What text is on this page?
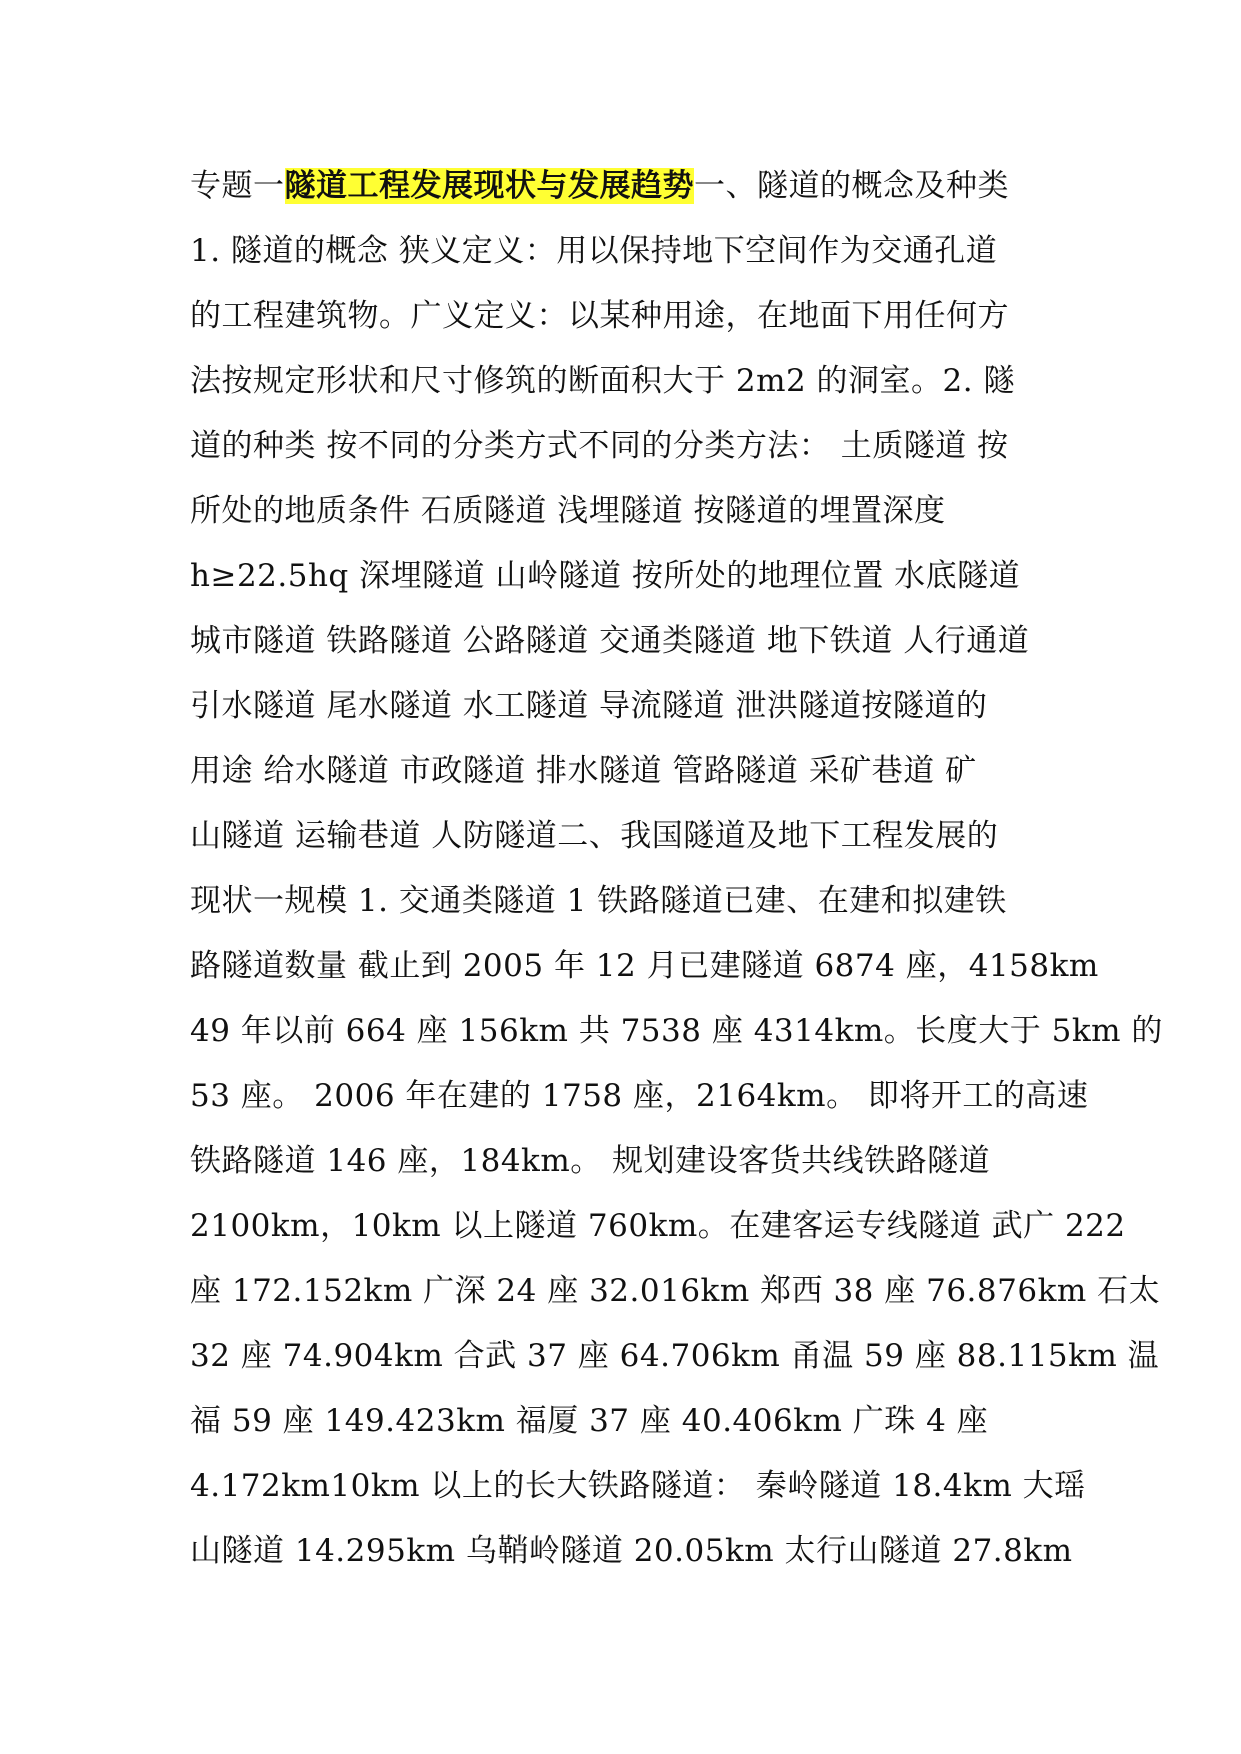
专题一隧道工程发展现状与发展趋势一、隧道的概念及种类
1. 隧道的概念 狭义定义：用以保持地下空间作为交通孔道
的工程建筑物。广义定义：以某种用途，在地面下用任何方
法按规定形状和尺寸修筑的断面积大于 2m2 的洞室。2. 隧
道的种类 按不同的分类方式不同的分类方法： 土质隧道 按
所处的地质条件 石质隧道 浅埋隧道 按隧道的埋置深度
h≥22.5hq 深埋隧道 山岭隧道 按所处的地理位置 水底隧道
城市隧道 铁路隧道 公路隧道 交通类隧道 地下铁道 人行通道
引水隧道 尾水隧道 水工隧道 导流隧道 泄洪隧道按隧道的
用途 给水隧道 市政隧道 排水隧道 管路隧道 采矿巷道 矿
山隧道 运输巷道 人防隧道二、我国隧道及地下工程发展的
现状一规模 1. 交通类隧道 1 铁路隧道已建、在建和拟建铁
路隧道数量 截止到 2005 年 12 月已建隧道 6874 座，4158km
49 年以前 664 座 156km 共 7538 座 4314km。长度大于 5km 的
53 座。 2006 年在建的 1758 座，2164km。 即将开工的高速
铁路隧道 146 座，184km。 规划建设客货共线铁路隧道
2100km，10km 以上隧道 760km。在建客运专线隧道 武广 222
座 172.152km 广深 24 座 32.016km 郑西 38 座 76.876km 石太
32 座 74.904km 合武 37 座 64.706km 甬温 59 座 88.115km 温
福 59 座 149.423km 福厦 37 座 40.406km 广珠 4 座
4.172km10km 以上的长大铁路隧道： 秦岭隧道 18.4km 大瑶
山隧道 14.295km 乌鞘岭隧道 20.05km 太行山隧道 27.8km
